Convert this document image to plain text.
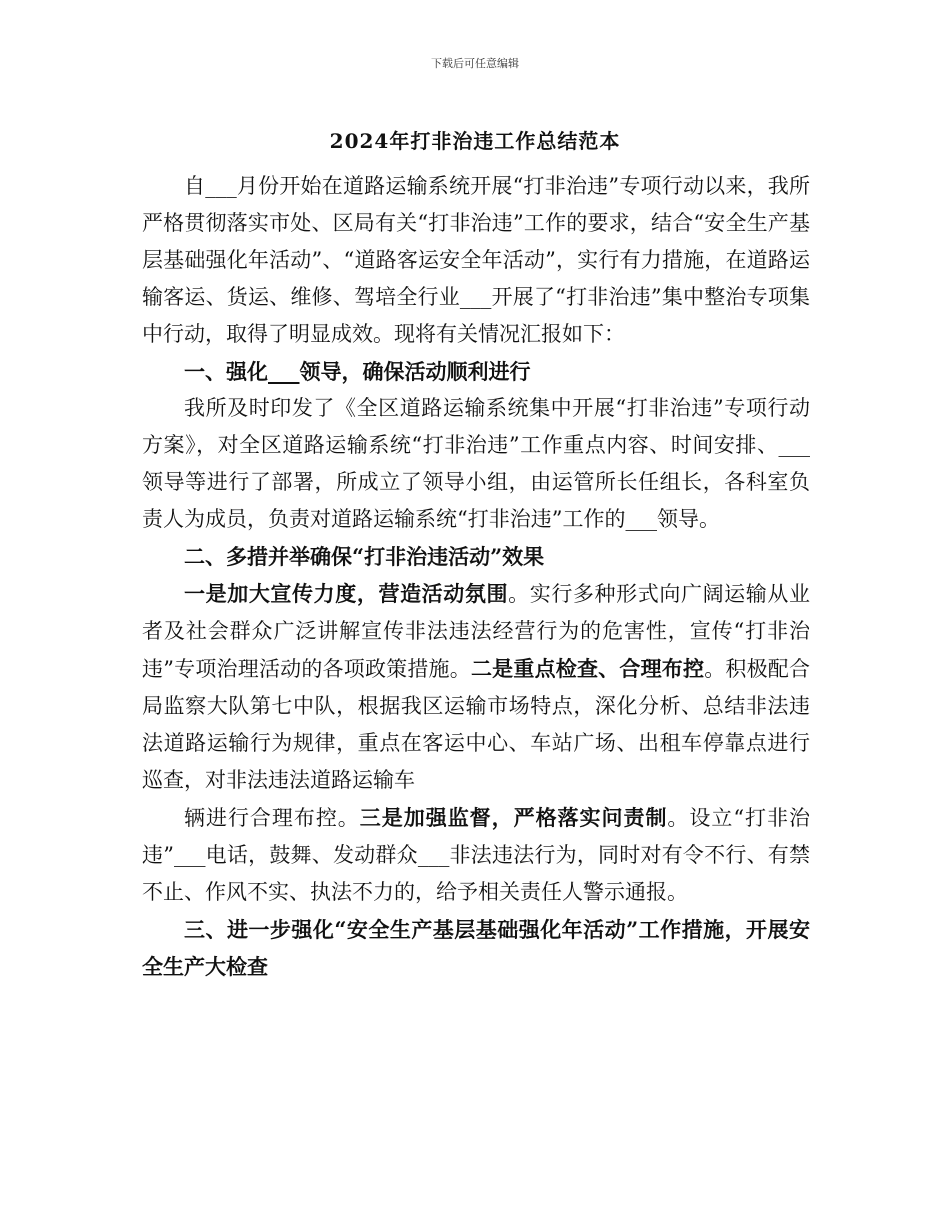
下载后可任意编辑
2024年打非治违工作总结范本

自___月份开始在道路运输系统开展“打非治违”专项行动以来，我所严格贯彻落实市处、区局有关“打非治违”工作的要求，结合“安全生产基层基础强化年活动”、“道路客运安全年活动”，实行有力措施，在道路运输客运、货运、维修、驾培全行业___开展了“打非治违”集中整治专项集中行动，取得了明显成效。现将有关情况汇报如下：

一、强化___领导，确保活动顺利进行

我所及时印发了《全区道路运输系统集中开展“打非治违”专项行动方案》，对全区道路运输系统“打非治违”工作重点内容、时间安排、___领导等进行了部署，所成立了领导小组，由运管所长任组长，各科室负责人为成员，负责对道路运输系统“打非治违”工作的___领导。

二、多措并举确保“打非治违活动”效果

一是加大宣传力度，营造活动氛围。实行多种形式向广阔运输从业者及社会群众广泛讲解宣传非法违法经营行为的危害性，宣传“打非治违”专项治理活动的各项政策措施。二是重点检查、合理布控。积极配合局监察大队第七中队，根据我区运输市场特点，深化分析、总结非法违法道路运输行为规律，重点在客运中心、车站广场、出租车停靠点进行巡查，对非法违法道路运输车

辆进行合理布控。三是加强监督，严格落实问责制。设立“打非治违”___电话，鼓舞、发动群众___非法违法行为，同时对有令不行、有禁不止、作风不实、执法不力的，给予相关责任人警示通报。

三、进一步强化“安全生产基层基础强化年活动”工作措施，开展安全生产大检查
